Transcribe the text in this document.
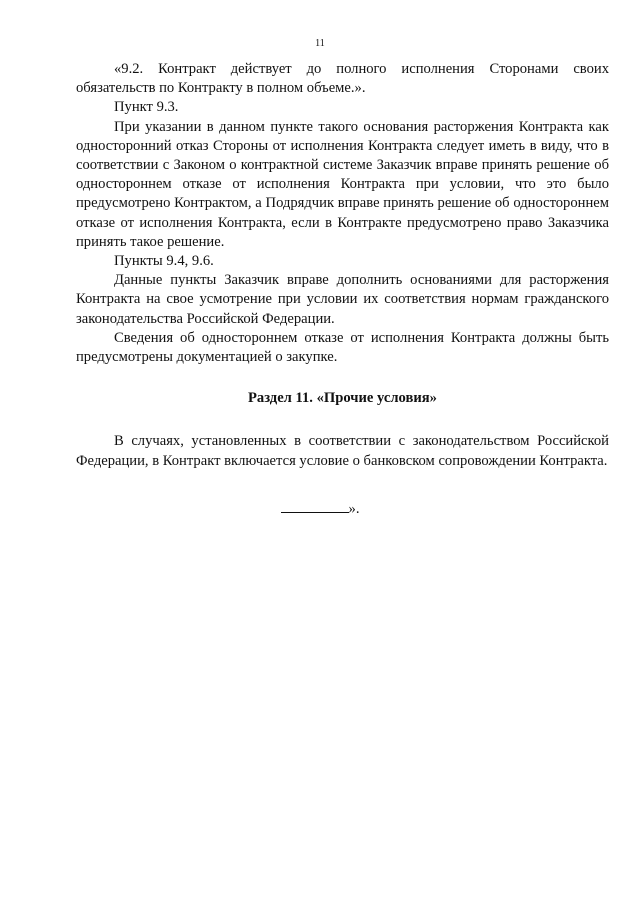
11

«9.2. Контракт действует до полного исполнения Сторонами своих обязательств по Контракту в полном объеме.».

Пункт 9.3.

При указании в данном пункте такого основания расторжения Контракта как односторонний отказ Стороны от исполнения Контракта следует иметь в виду, что в соответствии с Законом о контрактной системе Заказчик вправе принять решение об одностороннем отказе от исполнения Контракта при условии, что это было предусмотрено Контрактом, а Подрядчик вправе принять решение об одностороннем отказе от исполнения Контракта, если в Контракте предусмотрено право Заказчика принять такое решение.

Пункты 9.4, 9.6.

Данные пункты Заказчик вправе дополнить основаниями для расторжения Контракта на свое усмотрение при условии их соответствия нормам гражданского законодательства Российской Федерации.

Сведения об одностороннем отказе от исполнения Контракта должны быть предусмотрены документацией о закупке.

Раздел 11. «Прочие условия»

В случаях, установленных в соответствии с законодательством Российской Федерации, в Контракт включается условие о банковском сопровождении Контракта.

».
